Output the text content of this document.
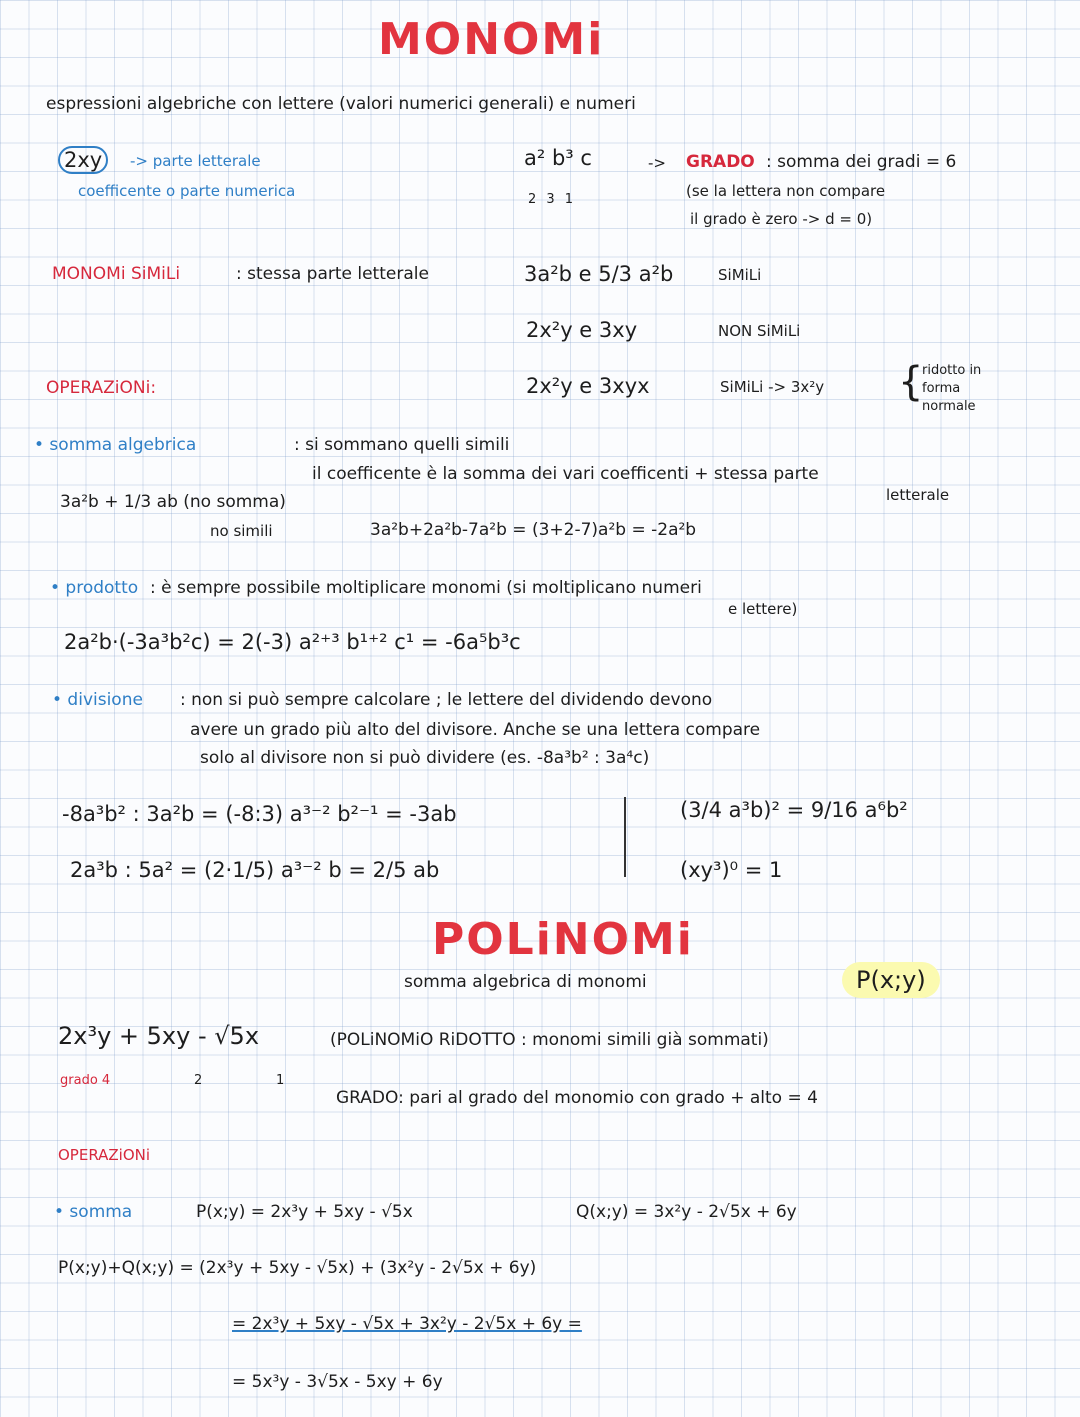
MONOMi
espressioni algebriche con lettere (valori numerici generali) e numeri
2xy	-> parte letterale
coefficente o parte numerica
a² b³ c
2 3 1
-> GRADO : somma dei gradi = 6
(se la lettera non compare
il grado è zero -> d = 0)
MONOMi SiMiLi	: stessa parte letterale	3a²b e 5/3 a²b	SiMiLi
2x²y e 3xy	NON SiMiLi
OPERAZiONi:	2x²y e 3xyx	SiMiLi -> 3x²y {
ridotto in
forma
normale
• somma algebrica	: si sommano quelli simili
il coefficente è la somma dei vari coefficenti + stessa parte
letterale
3a²b + 1/3 ab (no somma)
no simili	3a²b+2a²b-7a²b = (3+2-7)a²b = -2a²b
• prodotto : è sempre possibile moltiplicare monomi (si moltiplicano numeri
e lettere)
2a²b·(-3a³b²c) = 2(-3) a²⁺³ b¹⁺² c¹ = -6a⁵b³c
• divisione : non si può sempre calcolare ; le lettere del dividendo devono
avere un grado più alto del divisore. Anche se una lettera compare
solo al divisore non si può dividere (es. -8a³b² : 3a⁴c)
-8a³b² : 3a²b = (-8:3) a³⁻² b²⁻¹ = -3ab
2a³b : 5a² = (2·1/5) a³⁻² b = 2/5 ab
(3/4 a³b)² = 9/16 a⁶b²
(xy³)⁰ = 1
POLiNOMi
somma algebrica di monomi	P(x;y)
2x³y + 5xy - √5x	(POLiNOMiO RiDOTTO : monomi simili già sommati)
grado 4	2	1
GRADO: pari al grado del monomio con grado + alto = 4
OPERAZiONi
• somma	P(x;y) = 2x³y + 5xy - √5x	Q(x;y) = 3x²y - 2√5x + 6y
P(x;y)+Q(x;y) = (2x³y + 5xy - √5x) + (3x²y - 2√5x + 6y)
= 2x³y + 5xy - √5x + 3x²y - 2√5x + 6y =
= 5x³y - 3√5x - 5xy + 6y
